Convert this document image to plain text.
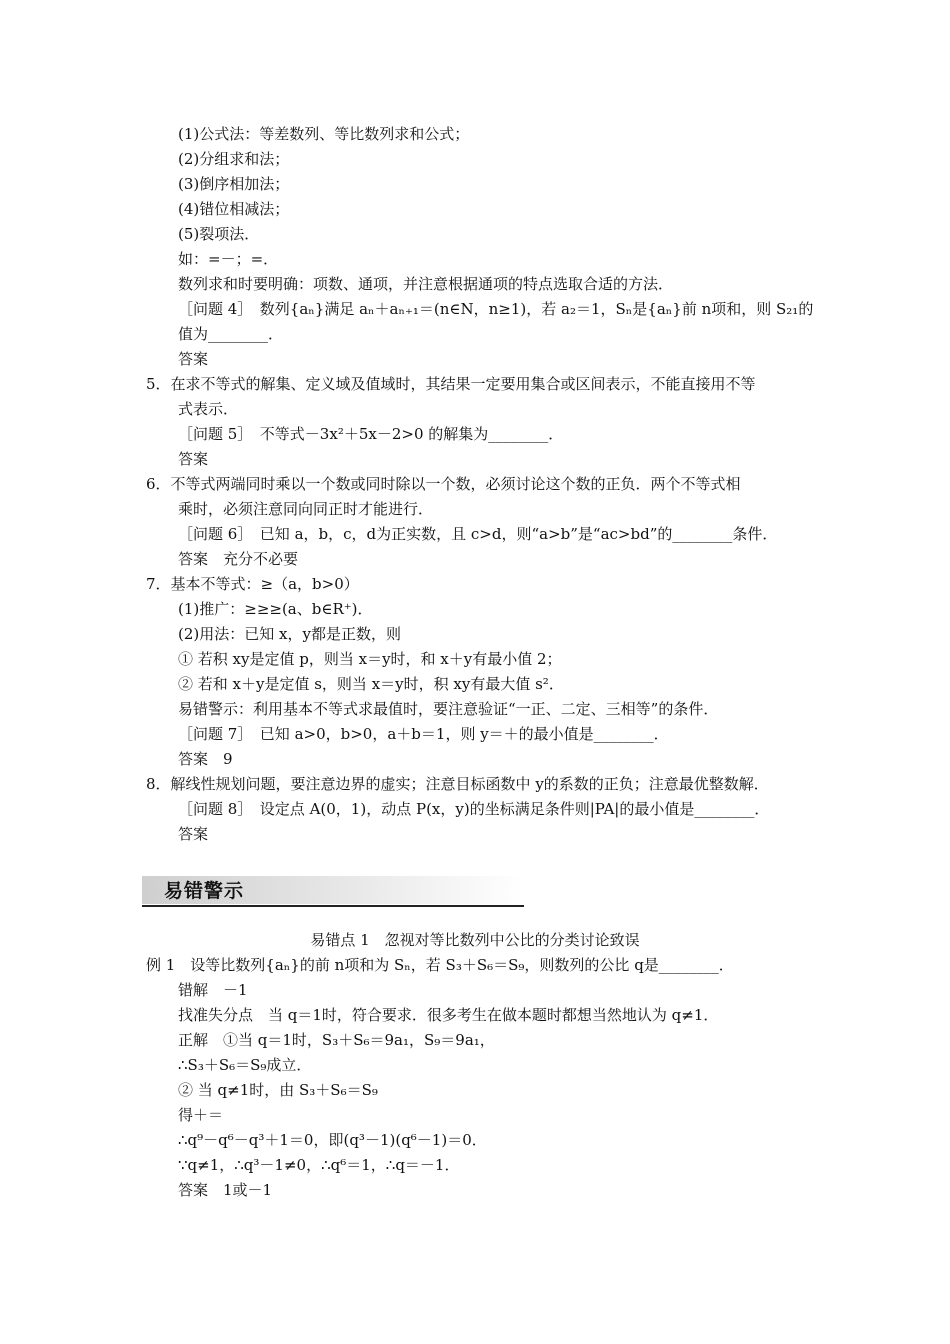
(1)公式法：等差数列、等比数列求和公式；
(2)分组求和法；
(3)倒序相加法；
(4)错位相减法；
(5)裂项法．
如：=－；=．
数列求和时要明确：项数、通项，并注意根据通项的特点选取合适的方法．
［问题 4］　数列{aₙ}满足 aₙ＋aₙ₊₁＝(n∈N，n≥1)，若 a₂＝1，Sₙ是{aₙ}前 n项和，则 S₂₁的
值为________．
答案
5．在求不等式的解集、定义域及值域时，其结果一定要用集合或区间表示，不能直接用不等
式表示．
［问题 5］　不等式－3x²＋5x－2>0 的解集为________．
答案
6．不等式两端同时乘以一个数或同时除以一个数，必须讨论这个数的正负．两个不等式相
乘时，必须注意同向同正时才能进行．
［问题 6］　已知 a，b，c，d为正实数，且 c>d，则“a>b”是“ac>bd”的________条件．
答案　充分不必要
7．基本不等式：≥（a，b>0）
(1)推广：≥≥≥(a、b∈R⁺)．
(2)用法：已知 x，y都是正数，则
① 若积 xy是定值 p，则当 x＝y时，和 x＋y有最小值 2；
② 若和 x＋y是定值 s，则当 x＝y时，积 xy有最大值 s²．
易错警示：利用基本不等式求最值时，要注意验证“一正、二定、三相等”的条件．
［问题 7］　已知 a>0，b>0，a＋b＝1，则 y＝＋的最小值是________．
答案　9
8．解线性规划问题，要注意边界的虚实；注意目标函数中 y的系数的正负；注意最优整数解．
［问题 8］　设定点 A(0，1)，动点 P(x，y)的坐标满足条件则|PA|的最小值是________．
答案
易错警示
易错点 1　忽视对等比数列中公比的分类讨论致误
例 1　设等比数列{aₙ}的前 n项和为 Sₙ，若 S₃＋S₆＝S₉，则数列的公比 q是________．
错解　－1
找准失分点　当 q＝1时，符合要求．很多考生在做本题时都想当然地认为 q≠1．
正解　①当 q＝1时，S₃＋S₆＝9a₁，S₉＝9a₁，
∴S₃＋S₆＝S₉成立．
② 当 q≠1时，由 S₃＋S₆＝S₉
得＋＝
∴q⁹－q⁶－q³＋1＝0，即(q³－1)(q⁶－1)＝0．
∵q≠1，∴q³－1≠0，∴q⁶＝1，∴q＝－1．
答案　1或－1
